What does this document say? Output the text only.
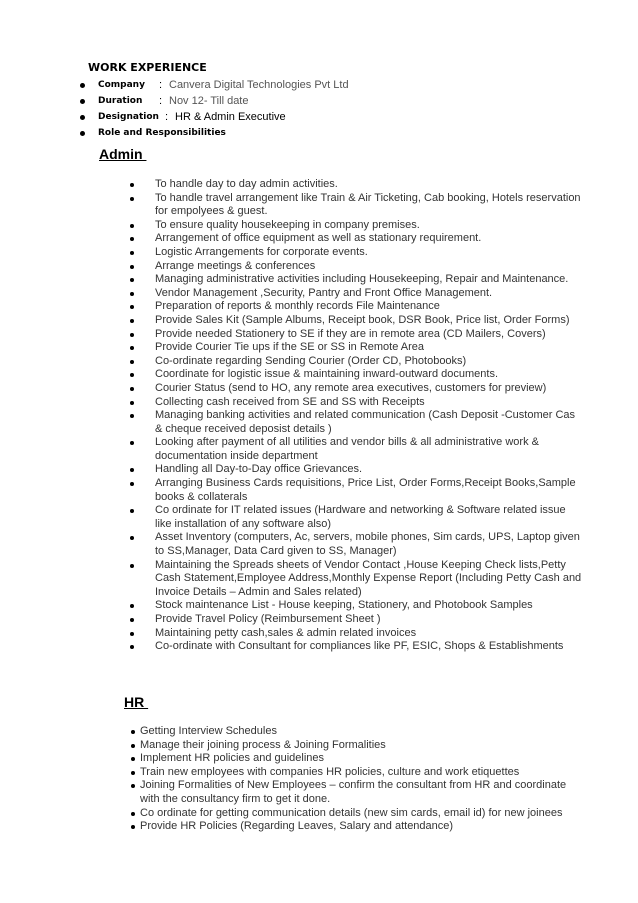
WORK EXPERIENCE
Company : Canvera Digital Technologies Pvt Ltd
Duration : Nov 12- Till date
Designation : HR & Admin Executive
Role and Responsibilities
Admin
To handle day to day admin activities.
To handle travel arrangement like Train & Air Ticketing, Cab booking, Hotels reservation for empolyees & guest.
To ensure quality housekeeping in company premises.
Arrangement of office equipment as well as stationary requirement.
Logistic Arrangements for corporate events.
Arrange meetings & conferences
Managing administrative activities including Housekeeping, Repair and Maintenance.
Vendor Management ,Security, Pantry and Front Office Management.
Preparation of reports & monthly records File Maintenance
Provide Sales Kit (Sample Albums, Receipt book, DSR Book, Price list, Order Forms)
Provide needed Stationery to SE if they are in remote area (CD Mailers, Covers)
Provide Courier Tie ups if the SE or SS in Remote Area
Co-ordinate regarding Sending Courier (Order CD, Photobooks)
Coordinate for logistic issue & maintaining inward-outward documents.
Courier Status (send to HO, any remote area executives, customers for preview)
Collecting cash received from SE and SS with Receipts
Managing banking activities and related communication (Cash Deposit -Customer Cas & cheque received deposist details )
Looking after payment of all utilities and vendor bills & all administrative work & documentation inside department
Handling all Day-to-Day office Grievances.
Arranging Business Cards requisitions, Price List, Order Forms,Receipt Books,Sample books & collaterals
Co ordinate for IT related issues (Hardware and networking & Software related issue like installation of any software also)
Asset Inventory (computers, Ac, servers, mobile phones, Sim cards, UPS, Laptop given to SS,Manager, Data Card given to SS, Manager)
Maintaining the Spreads sheets of Vendor Contact ,House Keeping Check lists,Petty Cash Statement,Employee Address,Monthly Expense Report (Including Petty Cash and Invoice Details – Admin and Sales related)
Stock maintenance List - House keeping, Stationery, and Photobook Samples
Provide Travel Policy (Reimbursement Sheet )
Maintaining petty cash,sales & admin related invoices
Co-ordinate with Consultant for compliances like PF, ESIC, Shops & Establishments
HR
Getting Interview Schedules
Manage their joining process & Joining Formalities
Implement HR policies and guidelines
Train new employees with companies HR policies, culture and work etiquettes
Joining Formalities of New Employees – confirm the consultant from HR and coordinate with the consultancy firm to get it done.
Co ordinate for getting communication details (new sim cards, email id) for new joinees
Provide HR Policies (Regarding Leaves, Salary and attendance)
